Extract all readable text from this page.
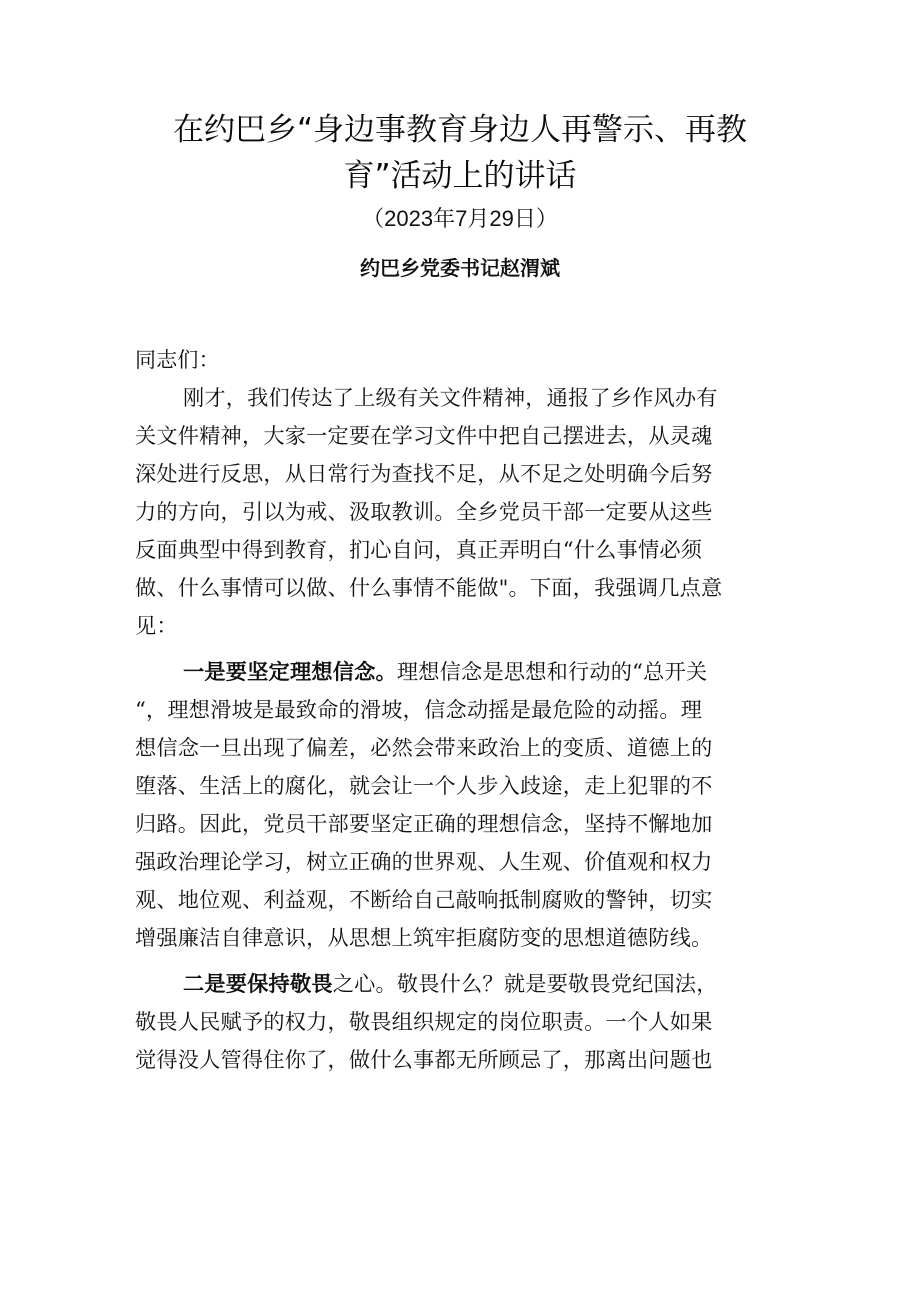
在约巴乡“身边事教育身边人再警示、再教
育”活动上的讲话
（2023年7月29日）
约巴乡党委书记赵渭斌
同志们：
刚才，我们传达了上级有关文件精神，通报了乡作风办有
关文件精神，大家一定要在学习文件中把自己摆进去，从灵魂
深处进行反思，从日常行为查找不足，从不足之处明确今后努
力的方向，引以为戒、汲取教训。全乡党员干部一定要从这些
反面典型中得到教育，扪心自问，真正弄明白“什么事情必须
做、什么事情可以做、什么事情不能做"。下面，我强调几点意
见：
一是要坚定理想信念。理想信念是思想和行动的“总开关
“，理想滑坡是最致命的滑坡，信念动摇是最危险的动摇。理
想信念一旦出现了偏差，必然会带来政治上的变质、道德上的
堕落、生活上的腐化，就会让一个人步入歧途，走上犯罪的不
归路。因此，党员干部要坚定正确的理想信念，坚持不懈地加
强政治理论学习，树立正确的世界观、人生观、价值观和权力
观、地位观、利益观，不断给自己敲响抵制腐败的警钟，切实
增强廉洁自律意识，从思想上筑牢拒腐防变的思想道德防线。
二是要保持敬畏之心。敬畏什么？就是要敬畏党纪国法，
敬畏人民赋予的权力，敬畏组织规定的岗位职责。一个人如果
觉得没人管得住你了，做什么事都无所顾忌了，那离出问题也
